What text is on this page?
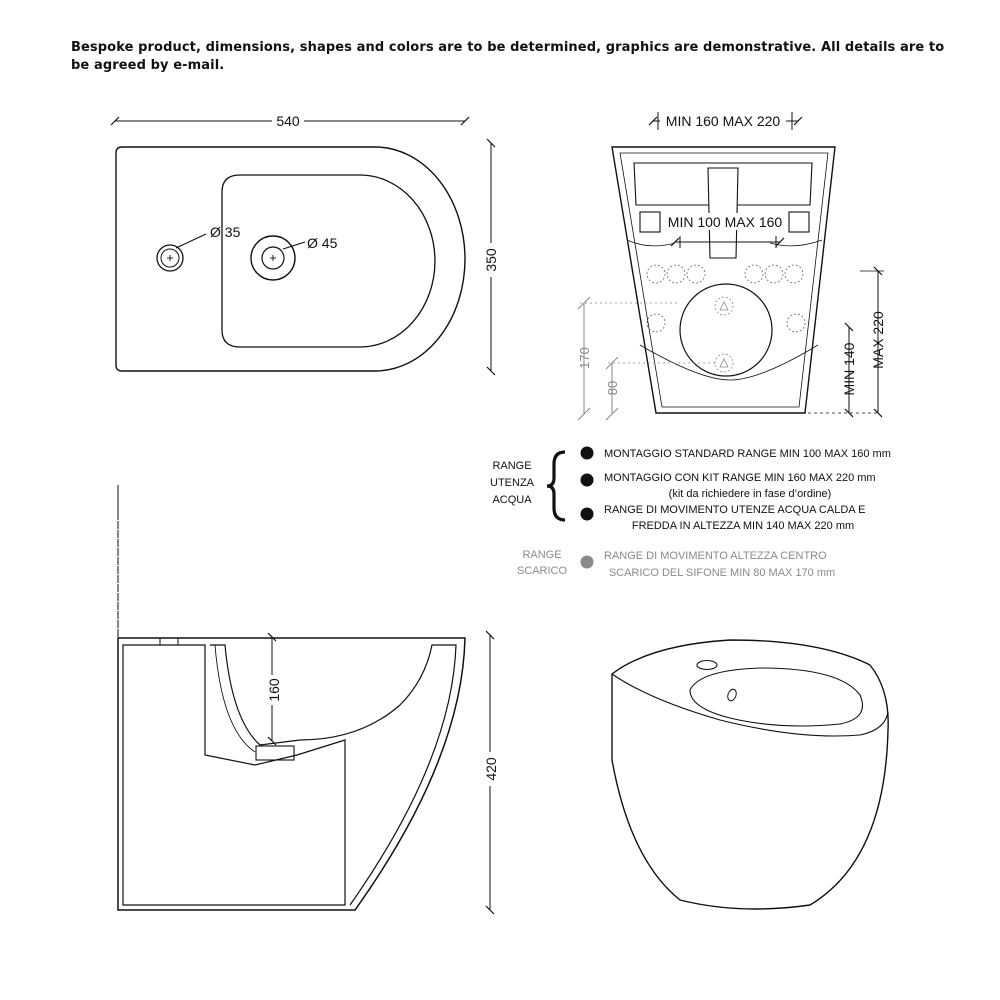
Bespoke product, dimensions, shapes and colors are to be determined, graphics are demonstrative. All details are to be agreed by e-mail.
540
Ø 35
Ø 45
350
MIN 160 MAX 220
MIN 100 MAX 160
170
80	MIN 140
MAX 220
RANGE
UTENZA
ACQUA
MONTAGGIO STANDARD RANGE MIN 100 MAX 160 mm
MONTAGGIO CON KIT RANGE MIN 160 MAX 220 mm
(kit da richiedere in fase d’ordine)
RANGE DI MOVIMENTO UTENZE ACQUA CALDA E
FREDDA IN ALTEZZA MIN 140 MAX 220 mm
RANGE
SCARICO
RANGE DI MOVIMENTO ALTEZZA CENTRO
SCARICO DEL SIFONE MIN 80 MAX 170 mm
160
420
